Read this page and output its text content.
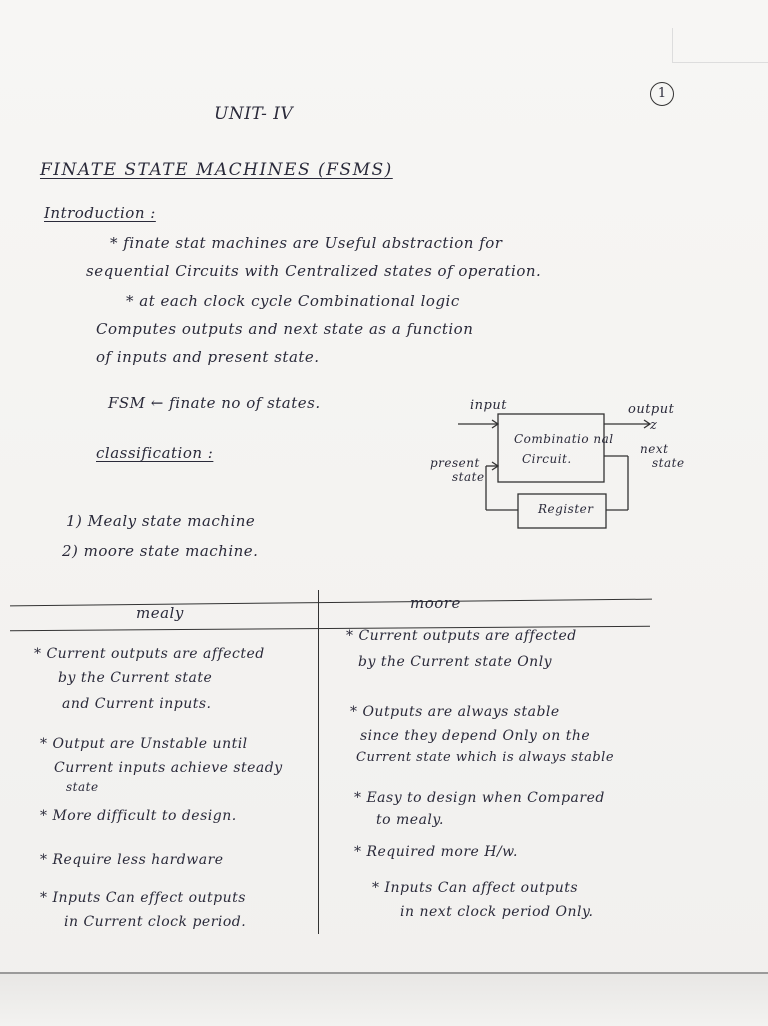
1
UNIT- IV
FINATE STATE MACHINES (FSMS)
Introduction :
* finate stat machines are Useful abstraction for
sequential Circuits with Centralized states of operation.
* at each clock cycle Combinational logic
Computes outputs and next state as a function
of inputs and present state.
FSM ← finate no of states.
classification :
1) Mealy state machine
2) moore state machine.
input	output
z
Combinatio nal
Circuit.
Register
present
state
next
state
mealy
moore
* Current outputs are affected
by the Current state
and Current inputs.
* Output are Unstable until
Current inputs achieve steady
state
* More difficult to design.
* Require less hardware
* Inputs Can effect outputs
in Current clock period.
* Current outputs are affected
by the Current state Only
* Outputs are always stable
since they depend Only on the
Current state which is always stable
* Easy to design when Compared
to mealy.
* Required more H/w.
* Inputs Can affect outputs
in next clock period Only.
